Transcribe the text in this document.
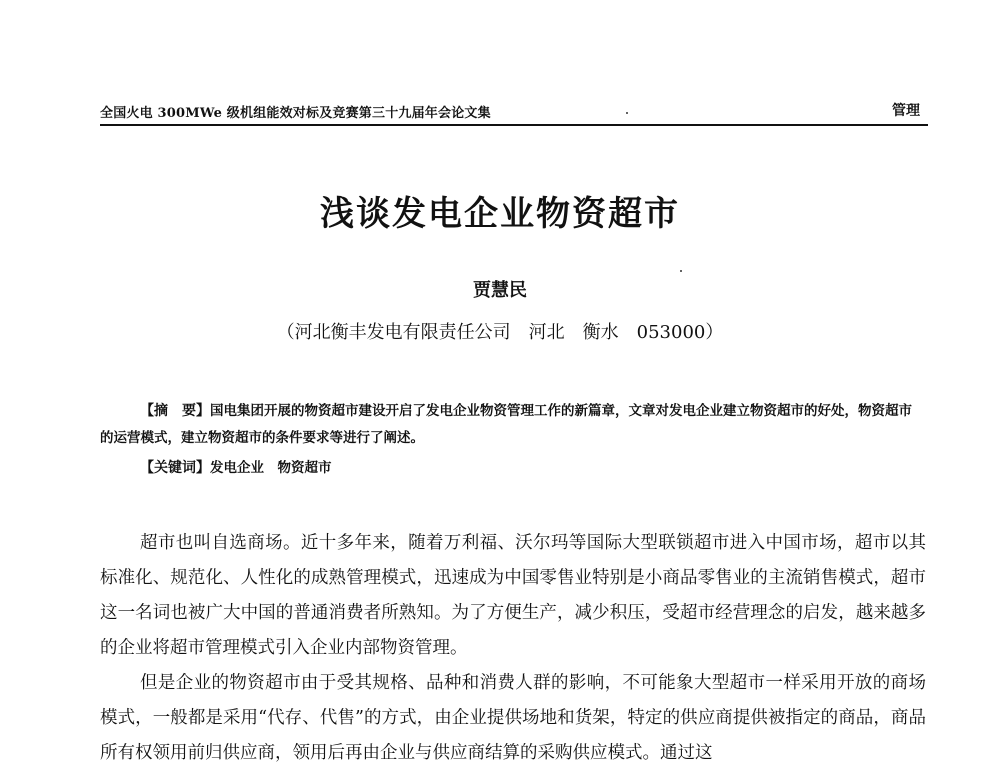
全国火电 300MWe 级机组能效对标及竞赛第三十九届年会论文集	管理
浅谈发电企业物资超市
贾慧民
（河北衡丰发电有限责任公司　河北　衡水　053000）
【摘　要】国电集团开展的物资超市建设开启了发电企业物资管理工作的新篇章，文章对发电企业建立物资超市的好处，物资超市的运营模式，建立物资超市的条件要求等进行了阐述。
【关键词】发电企业　物资超市

超市也叫自选商场。近十多年来，随着万利福、沃尔玛等国际大型联锁超市进入中国市场，超市以其标准化、规范化、人性化的成熟管理模式，迅速成为中国零售业特别是小商品零售业的主流销售模式，超市这一名词也被广大中国的普通消费者所熟知。为了方便生产，减少积压，受超市经营理念的启发，越来越多的企业将超市管理模式引入企业内部物资管理。

但是企业的物资超市由于受其规格、品种和消费人群的影响，不可能象大型超市一样采用开放的商场模式，一般都是采用“代存、代售”的方式，由企业提供场地和货架，特定的供应商提供被指定的商品，商品所有权领用前归供应商，领用后再由企业与供应商结算的采购供应模式。通过这
